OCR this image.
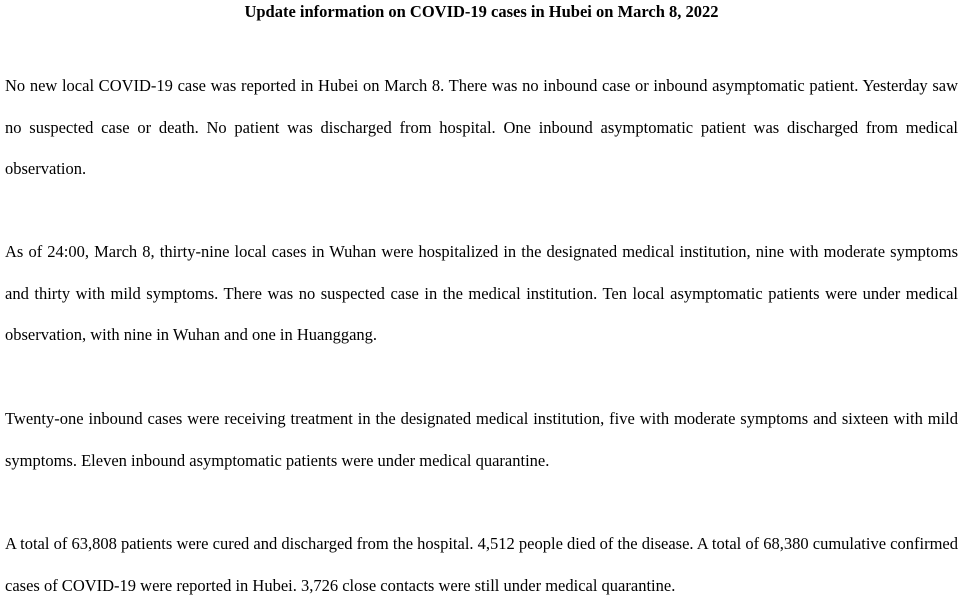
Update information on COVID-19 cases in Hubei on March 8, 2022

No new local COVID-19 case was reported in Hubei on March 8. There was no inbound case or inbound asymptomatic patient. Yesterday saw no suspected case or death. No patient was discharged from hospital. One inbound asymptomatic patient was discharged from medical observation.

As of 24:00, March 8, thirty-nine local cases in Wuhan were hospitalized in the designated medical institution, nine with moderate symptoms and thirty with mild symptoms. There was no suspected case in the medical institution. Ten local asymptomatic patients were under medical observation, with nine in Wuhan and one in Huanggang.

Twenty-one inbound cases were receiving treatment in the designated medical institution, five with moderate symptoms and sixteen with mild symptoms. Eleven inbound asymptomatic patients were under medical quarantine.

A total of 63,808 patients were cured and discharged from the hospital. 4,512 people died of the disease. A total of 68,380 cumulative confirmed cases of COVID-19 were reported in Hubei. 3,726 close contacts were still under medical quarantine.
